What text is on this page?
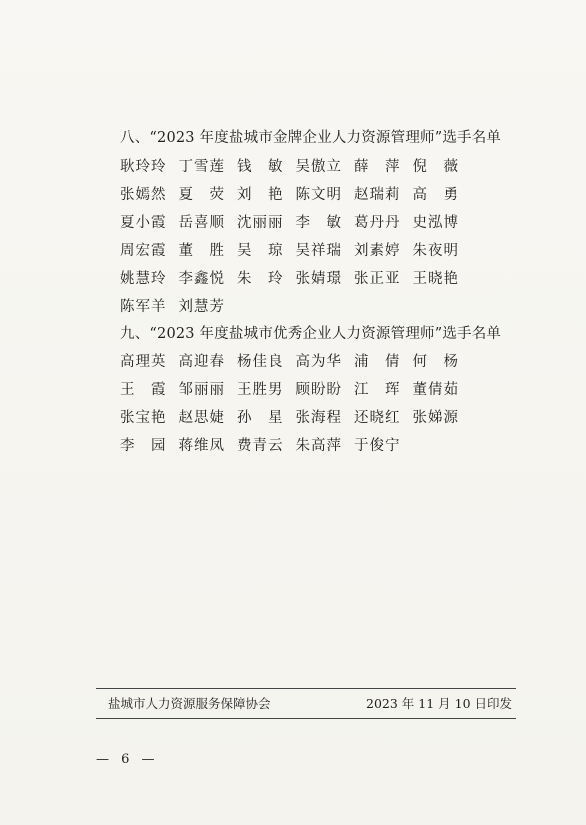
八、“2023 年度盐城市金牌企业人力资源管理师”选手名单
耿玲玲 丁雪莲 钱　敏 吴傲立 薛　萍 倪　薇
张嫣然 夏　荧 刘　艳 陈文明 赵瑞莉 高　勇
夏小霞 岳喜顺 沈丽丽 李　敏 葛丹丹 史泓博
周宏霞 董　胜 吴　琼 吴祥瑞 刘素婷 朱夜明
姚慧玲 李鑫悦 朱　玲 张婧璟 张正亚 王晓艳
陈军羊 刘慧芳
九、“2023 年度盐城市优秀企业人力资源管理师”选手名单
高理英 高迎春 杨佳良 高为华 浦　倩 何　杨
王　霞 邹丽丽 王胜男 顾盼盼 江　珲 董倩茹
张宝艳 赵思婕 孙　星 张海程 还晓红 张娣源
李　园 蒋维凤 费青云 朱高萍 于俊宁
盐城市人力资源服务保障协会	2023 年 11 月 10 日印发
— 6 —
